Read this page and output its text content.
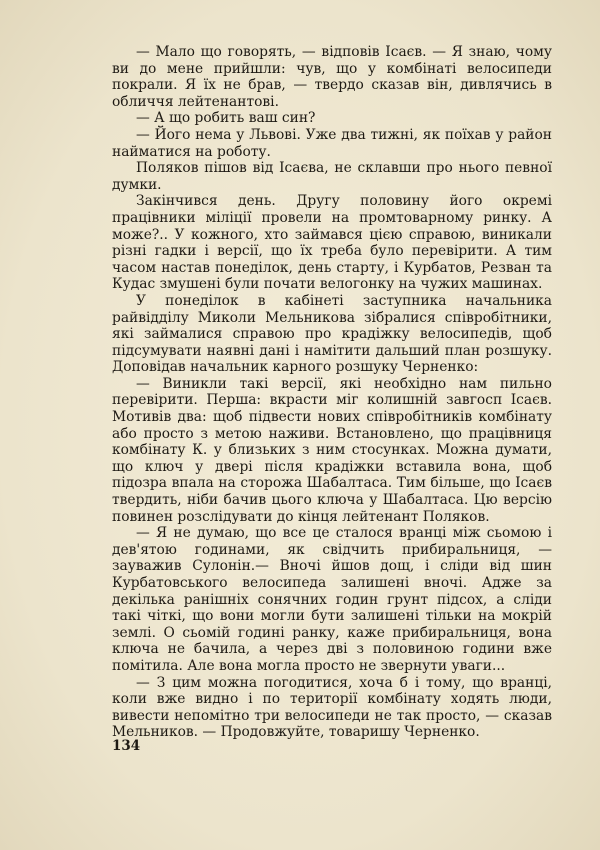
— Мало що говорять, — відповів Ісаєв. — Я знаю, чому ви до мене прийшли: чув, що у комбінаті велосипеди покрали. Я їх не брав, — твердо сказав він, дивлячись в обличчя лейтенантові.

— А що робить ваш син?

— Його нема у Львові. Уже два тижні, як поїхав у район найматися на роботу.

Поляков пішов від Ісаєва, не склавши про нього певної думки.

Закінчився день. Другу половину його окремі працівники міліції провели на промтоварному ринку. А може?.. У кожного, хто займався цією справою, виникали різні гадки і версії, що їх треба було перевірити. А тим часом настав понеділок, день старту, і Курбатов, Резван та Кудас змушені були почати велогонку на чужих машинах.

У понеділок в кабінеті заступника начальника райвідділу Миколи Мельникова зібралися співробітники, які займалися справою про крадіжку велосипедів, щоб підсумувати наявні дані і намітити дальший план розшуку. Доповідав начальник карного розшуку Черненко:

— Виникли такі версії, які необхідно нам пильно перевірити. Перша: вкрасти міг колишній завгосп Ісаєв. Мотивів два: щоб підвести нових співробітників комбінату або просто з метою наживи. Встановлено, що працівниця комбінату К. у близьких з ним стосунках. Можна думати, що ключ у двері після крадіжки вставила вона, щоб підозра впала на сторожа Шабалтаса. Тим більше, що Ісаєв твердить, ніби бачив цього ключа у Шабалтаса. Цю версію повинен розслідувати до кінця лейтенант Поляков.

— Я не думаю, що все це сталося вранці між сьомою і дев'ятою годинами, як свідчить прибиральниця, — зауважив Сулонін.— Вночі йшов дощ, і сліди від шин Курбатовського велосипеда залишені вночі. Адже за декілька ранішніх сонячних годин грунт підсох, а сліди такі чіткі, що вони могли бути залишені тільки на мокрій землі. О сьомій годині ранку, каже прибиральниця, вона ключа не бачила, а через дві з половиною години вже помітила. Але вона могла просто не звернути уваги...

— З цим можна погодитися, хоча б і тому, що вранці, коли вже видно і по території комбінату ходять люди, вивести непомітно три велосипеди не так просто, — сказав Мельников. — Продовжуйте, товаришу Черненко.

134
